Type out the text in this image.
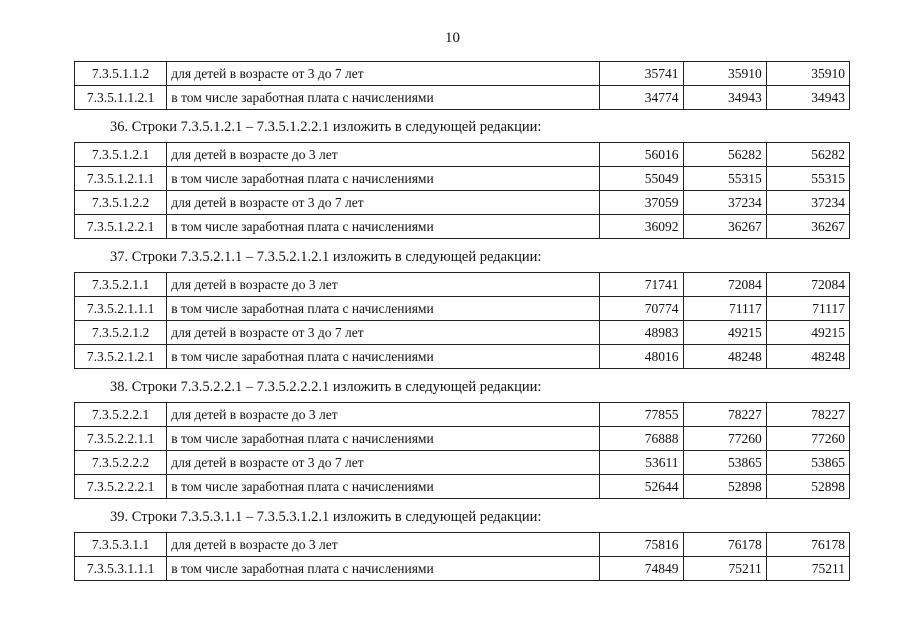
10
7.3.5.1.1.2	для детей в возрасте от 3 до 7 лет	35741	35910	35910
7.3.5.1.1.2.1	в том числе заработная плата с начислениями	34774	34943	34943
36. Строки 7.3.5.1.2.1 – 7.3.5.1.2.2.1 изложить в следующей редакции:
7.3.5.1.2.1	для детей в возрасте до 3 лет	56016	56282	56282
7.3.5.1.2.1.1	в том числе заработная плата с начислениями	55049	55315	55315
7.3.5.1.2.2	для детей в возрасте от 3 до 7 лет	37059	37234	37234
7.3.5.1.2.2.1	в том числе заработная плата с начислениями	36092	36267	36267
37. Строки 7.3.5.2.1.1 – 7.3.5.2.1.2.1 изложить в следующей редакции:
7.3.5.2.1.1	для детей в возрасте до 3 лет	71741	72084	72084
7.3.5.2.1.1.1	в том числе заработная плата с начислениями	70774	71117	71117
7.3.5.2.1.2	для детей в возрасте от 3 до 7 лет	48983	49215	49215
7.3.5.2.1.2.1	в том числе заработная плата с начислениями	48016	48248	48248
38. Строки 7.3.5.2.2.1 – 7.3.5.2.2.2.1 изложить в следующей редакции:
7.3.5.2.2.1	для детей в возрасте до 3 лет	77855	78227	78227
7.3.5.2.2.1.1	в том числе заработная плата с начислениями	76888	77260	77260
7.3.5.2.2.2	для детей в возрасте от 3 до 7 лет	53611	53865	53865
7.3.5.2.2.2.1	в том числе заработная плата с начислениями	52644	52898	52898
39. Строки 7.3.5.3.1.1 – 7.3.5.3.1.2.1 изложить в следующей редакции:
7.3.5.3.1.1	для детей в возрасте до 3 лет	75816	76178	76178
7.3.5.3.1.1.1	в том числе заработная плата с начислениями	74849	75211	75211
